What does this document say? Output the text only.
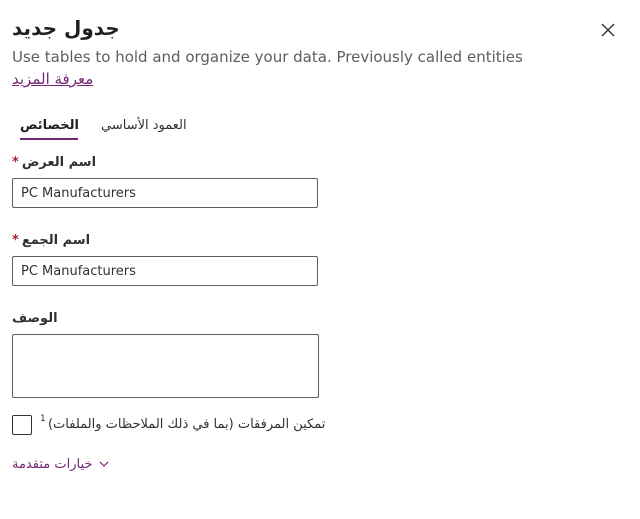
جدول جديد
Use tables to hold and organize your data. Previously called entities
معرفة المزيد
الخصائص العمود الأساسي
اسم العرض*
PC Manufacturers
اسم الجمع*
PC Manufacturers
الوصف
1 تمكين المرفقات (بما في ذلك الملاحظات والملفات)
خيارات متقدمة
